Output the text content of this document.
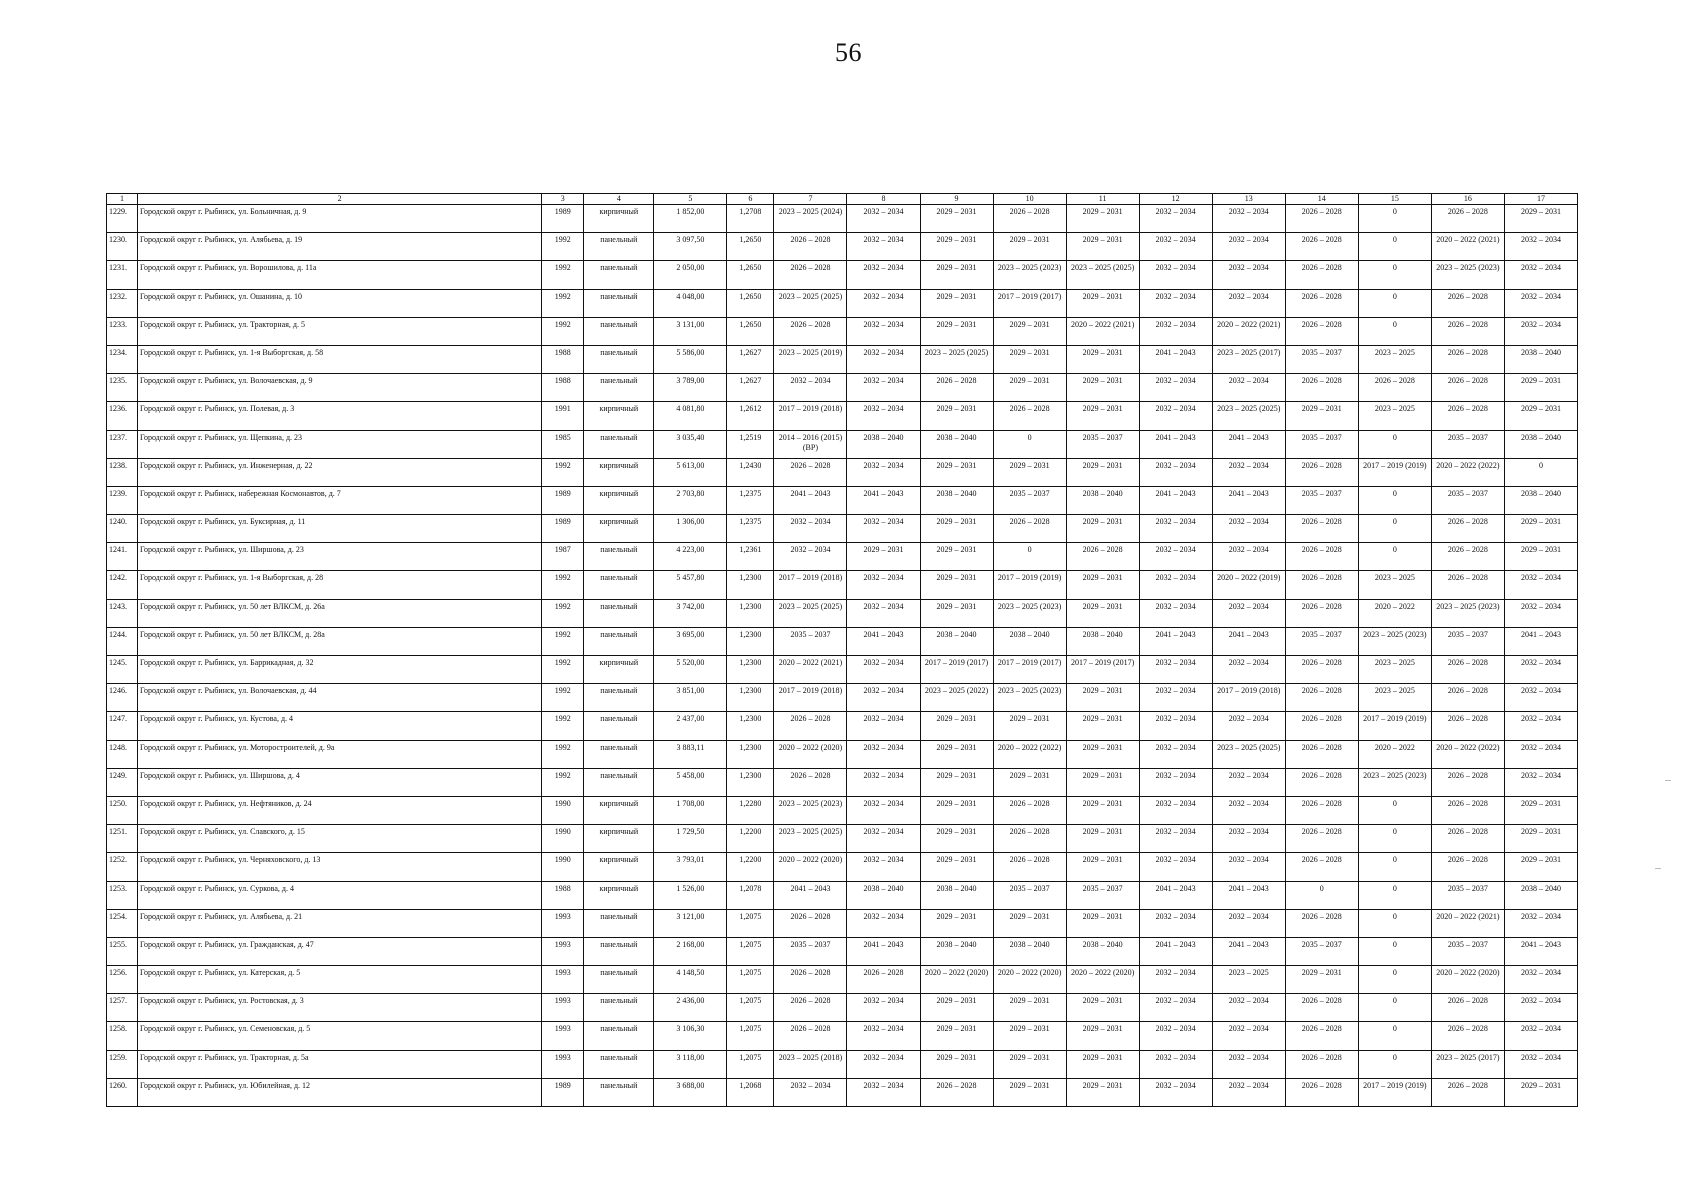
56
1	2	3	4	5	6	7	8	9	10	11	12	13	14	15	16	17
1229.	Городской округ г. Рыбинск, ул. Больничная, д. 9	1989	кирпичный	1 852,00	1,2708	2023 – 2025 (2024)	2032 – 2034	2029 – 2031	2026 – 2028	2029 – 2031	2032 – 2034	2032 – 2034	2026 – 2028	0	2026 – 2028	2029 – 2031
1230.	Городской округ г. Рыбинск, ул. Алябьева, д. 19	1992	панельный	3 097,50	1,2650	2026 – 2028	2032 – 2034	2029 – 2031	2029 – 2031	2029 – 2031	2032 – 2034	2032 – 2034	2026 – 2028	0	2020 – 2022 (2021)	2032 – 2034
1231.	Городской округ г. Рыбинск, ул. Ворошилова, д. 11а	1992	панельный	2 050,00	1,2650	2026 – 2028	2032 – 2034	2029 – 2031	2023 – 2025 (2023)	2023 – 2025 (2025)	2032 – 2034	2032 – 2034	2026 – 2028	0	2023 – 2025 (2023)	2032 – 2034
1232.	Городской округ г. Рыбинск, ул. Ошанина, д. 10	1992	панельный	4 048,00	1,2650	2023 – 2025 (2025)	2032 – 2034	2029 – 2031	2017 – 2019 (2017)	2029 – 2031	2032 – 2034	2032 – 2034	2026 – 2028	0	2026 – 2028	2032 – 2034
1233.	Городской округ г. Рыбинск, ул. Тракторная, д. 5	1992	панельный	3 131,00	1,2650	2026 – 2028	2032 – 2034	2029 – 2031	2029 – 2031	2020 – 2022 (2021)	2032 – 2034	2020 – 2022 (2021)	2026 – 2028	0	2026 – 2028	2032 – 2034
1234.	Городской округ г. Рыбинск, ул. 1-я Выборгская, д. 58	1988	панельный	5 586,00	1,2627	2023 – 2025 (2019)	2032 – 2034	2023 – 2025 (2025)	2029 – 2031	2029 – 2031	2041 – 2043	2023 – 2025 (2017)	2035 – 2037	2023 – 2025	2026 – 2028	2038 – 2040
1235.	Городской округ г. Рыбинск, ул. Волочаевская, д. 9	1988	панельный	3 789,00	1,2627	2032 – 2034	2032 – 2034	2026 – 2028	2029 – 2031	2029 – 2031	2032 – 2034	2032 – 2034	2026 – 2028	2026 – 2028	2026 – 2028	2029 – 2031
1236.	Городской округ г. Рыбинск, ул. Полевая, д. 3	1991	кирпичный	4 081,80	1,2612	2017 – 2019 (2018)	2032 – 2034	2029 – 2031	2026 – 2028	2029 – 2031	2032 – 2034	2023 – 2025 (2025)	2029 – 2031	2023 – 2025	2026 – 2028	2029 – 2031
1237.	Городской округ г. Рыбинск, ул. Щепкина, д. 23	1985	панельный	3 035,40	1,2519	2014 – 2016 (2015) (ВР)	2038 – 2040	2038 – 2040	0	2035 – 2037	2041 – 2043	2041 – 2043	2035 – 2037	0	2035 – 2037	2038 – 2040
1238.	Городской округ г. Рыбинск, ул. Инженерная, д. 22	1992	кирпичный	5 613,00	1,2430	2026 – 2028	2032 – 2034	2029 – 2031	2029 – 2031	2029 – 2031	2032 – 2034	2032 – 2034	2026 – 2028	2017 – 2019 (2019)	2020 – 2022 (2022)	0
1239.	Городской округ г. Рыбинск, набережная Космонавтов, д. 7	1989	кирпичный	2 703,80	1,2375	2041 – 2043	2041 – 2043	2038 – 2040	2035 – 2037	2038 – 2040	2041 – 2043	2041 – 2043	2035 – 2037	0	2035 – 2037	2038 – 2040
1240.	Городской округ г. Рыбинск, ул. Буксирная, д. 11	1989	кирпичный	1 306,00	1,2375	2032 – 2034	2032 – 2034	2029 – 2031	2026 – 2028	2029 – 2031	2032 – 2034	2032 – 2034	2026 – 2028	0	2026 – 2028	2029 – 2031
1241.	Городской округ г. Рыбинск, ул. Ширшова, д. 23	1987	панельный	4 223,00	1,2361	2032 – 2034	2029 – 2031	2029 – 2031	0	2026 – 2028	2032 – 2034	2032 – 2034	2026 – 2028	0	2026 – 2028	2029 – 2031
1242.	Городской округ г. Рыбинск, ул. 1-я Выборгская, д. 28	1992	панельный	5 457,80	1,2300	2017 – 2019 (2018)	2032 – 2034	2029 – 2031	2017 – 2019 (2019)	2029 – 2031	2032 – 2034	2020 – 2022 (2019)	2026 – 2028	2023 – 2025	2026 – 2028	2032 – 2034
1243.	Городской округ г. Рыбинск, ул. 50 лет ВЛКСМ, д. 26а	1992	панельный	3 742,00	1,2300	2023 – 2025 (2025)	2032 – 2034	2029 – 2031	2023 – 2025 (2023)	2029 – 2031	2032 – 2034	2032 – 2034	2026 – 2028	2020 – 2022	2023 – 2025 (2023)	2032 – 2034
1244.	Городской округ г. Рыбинск, ул. 50 лет ВЛКСМ, д. 28а	1992	панельный	3 695,00	1,2300	2035 – 2037	2041 – 2043	2038 – 2040	2038 – 2040	2038 – 2040	2041 – 2043	2041 – 2043	2035 – 2037	2023 – 2025 (2023)	2035 – 2037	2041 – 2043
1245.	Городской округ г. Рыбинск, ул. Баррикадная, д. 32	1992	кирпичный	5 520,00	1,2300	2020 – 2022 (2021)	2032 – 2034	2017 – 2019 (2017)	2017 – 2019 (2017)	2017 – 2019 (2017)	2032 – 2034	2032 – 2034	2026 – 2028	2023 – 2025	2026 – 2028	2032 – 2034
1246.	Городской округ г. Рыбинск, ул. Волочаевская, д. 44	1992	панельный	3 851,00	1,2300	2017 – 2019 (2018)	2032 – 2034	2023 – 2025 (2022)	2023 – 2025 (2023)	2029 – 2031	2032 – 2034	2017 – 2019 (2018)	2026 – 2028	2023 – 2025	2026 – 2028	2032 – 2034
1247.	Городской округ г. Рыбинск, ул. Кустова, д. 4	1992	панельный	2 437,00	1,2300	2026 – 2028	2032 – 2034	2029 – 2031	2029 – 2031	2029 – 2031	2032 – 2034	2032 – 2034	2026 – 2028	2017 – 2019 (2019)	2026 – 2028	2032 – 2034
1248.	Городской округ г. Рыбинск, ул. Моторостроителей, д. 9а	1992	панельный	3 883,11	1,2300	2020 – 2022 (2020)	2032 – 2034	2029 – 2031	2020 – 2022 (2022)	2029 – 2031	2032 – 2034	2023 – 2025 (2025)	2026 – 2028	2020 – 2022	2020 – 2022 (2022)	2032 – 2034
1249.	Городской округ г. Рыбинск, ул. Ширшова, д. 4	1992	панельный	5 458,00	1,2300	2026 – 2028	2032 – 2034	2029 – 2031	2029 – 2031	2029 – 2031	2032 – 2034	2032 – 2034	2026 – 2028	2023 – 2025 (2023)	2026 – 2028	2032 – 2034
1250.	Городской округ г. Рыбинск, ул. Нефтяников, д. 24	1990	кирпичный	1 708,00	1,2280	2023 – 2025 (2023)	2032 – 2034	2029 – 2031	2026 – 2028	2029 – 2031	2032 – 2034	2032 – 2034	2026 – 2028	0	2026 – 2028	2029 – 2031
1251.	Городской округ г. Рыбинск, ул. Славского, д. 15	1990	кирпичный	1 729,50	1,2200	2023 – 2025 (2025)	2032 – 2034	2029 – 2031	2026 – 2028	2029 – 2031	2032 – 2034	2032 – 2034	2026 – 2028	0	2026 – 2028	2029 – 2031
1252.	Городской округ г. Рыбинск, ул. Черняховского, д. 13	1990	кирпичный	3 793,01	1,2200	2020 – 2022 (2020)	2032 – 2034	2029 – 2031	2026 – 2028	2029 – 2031	2032 – 2034	2032 – 2034	2026 – 2028	0	2026 – 2028	2029 – 2031
1253.	Городской округ г. Рыбинск, ул. Суркова, д. 4	1988	кирпичный	1 526,00	1,2078	2041 – 2043	2038 – 2040	2038 – 2040	2035 – 2037	2035 – 2037	2041 – 2043	2041 – 2043	0	0	2035 – 2037	2038 – 2040
1254.	Городской округ г. Рыбинск, ул. Алябьева, д. 21	1993	панельный	3 121,00	1,2075	2026 – 2028	2032 – 2034	2029 – 2031	2029 – 2031	2029 – 2031	2032 – 2034	2032 – 2034	2026 – 2028	0	2020 – 2022 (2021)	2032 – 2034
1255.	Городской округ г. Рыбинск, ул. Гражданская, д. 47	1993	панельный	2 168,00	1,2075	2035 – 2037	2041 – 2043	2038 – 2040	2038 – 2040	2038 – 2040	2041 – 2043	2041 – 2043	2035 – 2037	0	2035 – 2037	2041 – 2043
1256.	Городской округ г. Рыбинск, ул. Катерская, д. 5	1993	панельный	4 148,50	1,2075	2026 – 2028	2026 – 2028	2020 – 2022 (2020)	2020 – 2022 (2020)	2020 – 2022 (2020)	2032 – 2034	2023 – 2025	2029 – 2031	0	2020 – 2022 (2020)	2032 – 2034
1257.	Городской округ г. Рыбинск, ул. Ростовская, д. 3	1993	панельный	2 436,00	1,2075	2026 – 2028	2032 – 2034	2029 – 2031	2029 – 2031	2029 – 2031	2032 – 2034	2032 – 2034	2026 – 2028	0	2026 – 2028	2032 – 2034
1258.	Городской округ г. Рыбинск, ул. Семеновская, д. 5	1993	панельный	3 106,30	1,2075	2026 – 2028	2032 – 2034	2029 – 2031	2029 – 2031	2029 – 2031	2032 – 2034	2032 – 2034	2026 – 2028	0	2026 – 2028	2032 – 2034
1259.	Городской округ г. Рыбинск, ул. Тракторная, д. 5а	1993	панельный	3 118,00	1,2075	2023 – 2025 (2018)	2032 – 2034	2029 – 2031	2029 – 2031	2029 – 2031	2032 – 2034	2032 – 2034	2026 – 2028	0	2023 – 2025 (2017)	2032 – 2034
1260.	Городской округ г. Рыбинск, ул. Юбилейная, д. 12	1989	панельный	3 688,00	1,2068	2032 – 2034	2032 – 2034	2026 – 2028	2029 – 2031	2029 – 2031	2032 – 2034	2032 – 2034	2026 – 2028	2017 – 2019 (2019)	2026 – 2028	2029 – 2031
